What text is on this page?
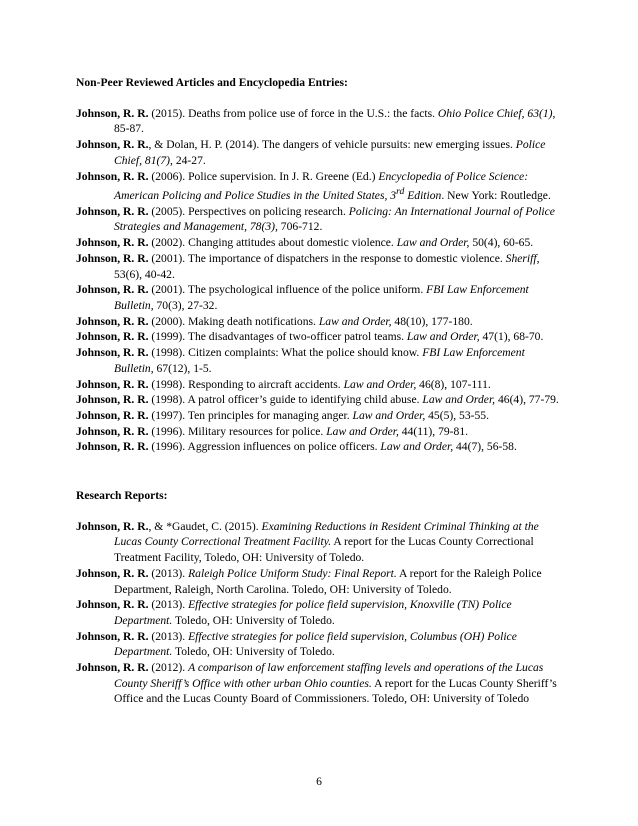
Non-Peer Reviewed Articles and Encyclopedia Entries:

Johnson, R. R. (2015). Deaths from police use of force in the U.S.: the facts. Ohio Police Chief, 63(1), 85-87.

Johnson, R. R., & Dolan, H. P. (2014). The dangers of vehicle pursuits: new emerging issues. Police Chief, 81(7), 24-27.

Johnson, R. R. (2006). Police supervision. In J. R. Greene (Ed.) Encyclopedia of Police Science: American Policing and Police Studies in the United States, 3rd Edition. New York: Routledge.

Johnson, R. R. (2005). Perspectives on policing research. Policing: An International Journal of Police Strategies and Management, 78(3), 706-712.

Johnson, R. R. (2002). Changing attitudes about domestic violence. Law and Order, 50(4), 60-65.

Johnson, R. R. (2001). The importance of dispatchers in the response to domestic violence. Sheriff, 53(6), 40-42.

Johnson, R. R. (2001). The psychological influence of the police uniform. FBI Law Enforcement Bulletin, 70(3), 27-32.

Johnson, R. R. (2000). Making death notifications. Law and Order, 48(10), 177-180.

Johnson, R. R. (1999). The disadvantages of two-officer patrol teams. Law and Order, 47(1), 68-70.

Johnson, R. R. (1998). Citizen complaints: What the police should know. FBI Law Enforcement Bulletin, 67(12), 1-5.

Johnson, R. R. (1998). Responding to aircraft accidents. Law and Order, 46(8), 107-111.

Johnson, R. R. (1998). A patrol officer’s guide to identifying child abuse. Law and Order, 46(4), 77-79.

Johnson, R. R. (1997). Ten principles for managing anger. Law and Order, 45(5), 53-55.

Johnson, R. R. (1996). Military resources for police. Law and Order, 44(11), 79-81.

Johnson, R. R. (1996). Aggression influences on police officers. Law and Order, 44(7), 56-58.

Research Reports:

Johnson, R. R., & *Gaudet, C. (2015). Examining Reductions in Resident Criminal Thinking at the Lucas County Correctional Treatment Facility. A report for the Lucas County Correctional Treatment Facility, Toledo, OH: University of Toledo.

Johnson, R. R. (2013). Raleigh Police Uniform Study: Final Report. A report for the Raleigh Police Department, Raleigh, North Carolina. Toledo, OH: University of Toledo.

Johnson, R. R. (2013). Effective strategies for police field supervision, Knoxville (TN) Police Department. Toledo, OH: University of Toledo.

Johnson, R. R. (2013). Effective strategies for police field supervision, Columbus (OH) Police Department. Toledo, OH: University of Toledo.

Johnson, R. R. (2012). A comparison of law enforcement staffing levels and operations of the Lucas County Sheriff’s Office with other urban Ohio counties. A report for the Lucas County Sheriff’s Office and the Lucas County Board of Commissioners. Toledo, OH: University of Toledo

6
